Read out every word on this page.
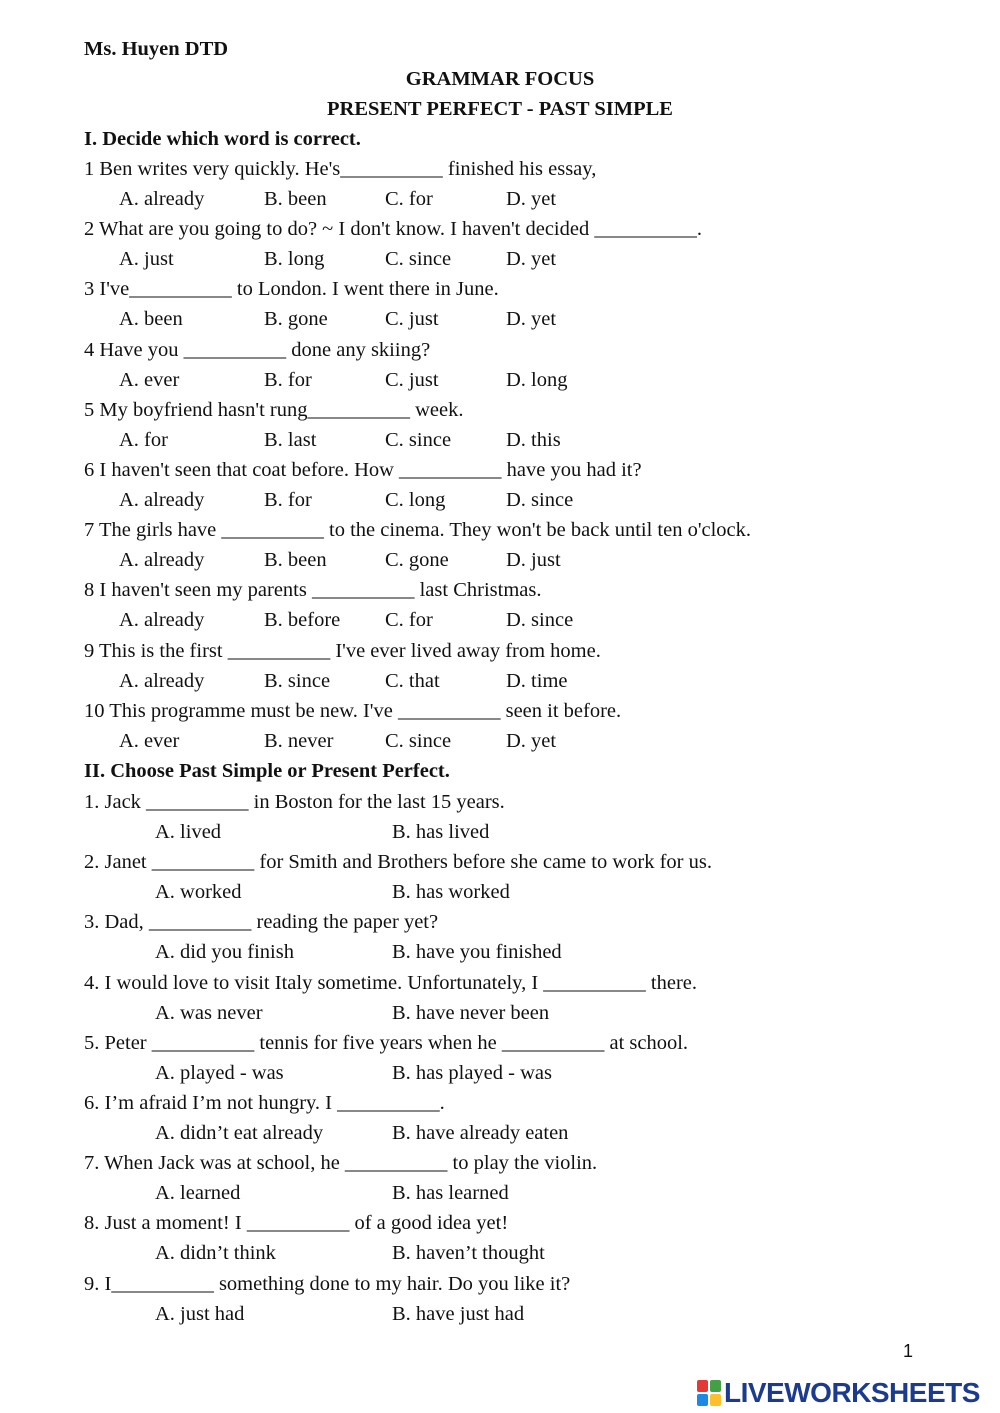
Ms. Huyen DTD
GRAMMAR FOCUS
PRESENT PERFECT - PAST SIMPLE
I. Decide which word is correct.
1 Ben writes very quickly. He's__________ finished his essay,
A. already	B. been	C. for	D. yet
2 What are you going to do? ~ I don't know. I haven't decided __________.
A. just	B. long	C. since	D. yet
3 I've__________ to London. I went there in June.
A. been	B. gone	C. just	D. yet
4 Have you __________ done any skiing?
A. ever	B. for	C. just	D. long
5 My boyfriend hasn't rung__________ week.
A. for	B. last	C. since	D. this
6 I haven't seen that coat before. How __________ have you had it?
A. already	B. for	C. long	D. since
7 The girls have __________ to the cinema. They won't be back until ten o'clock.
A. already	B. been	C. gone	D. just
8 I haven't seen my parents __________ last Christmas.
A. already	B. before C. for	D. since
9 This is the first __________ I've ever lived away from home.
A. already	B. since	C. that	D. time
10 This programme must be new. I've __________ seen it before.
A. ever	B. never	C. since	D. yet
II. Choose Past Simple or Present Perfect.
1. Jack __________ in Boston for the last 15 years.
A. lived	B. has lived
2. Janet __________ for Smith and Brothers before she came to work for us.
A. worked	B. has worked
3. Dad, __________ reading the paper yet?
A. did you finish	B. have you finished
4. I would love to visit Italy sometime. Unfortunately, I __________ there.
A. was never	B. have never been
5. Peter __________ tennis for five years when he __________ at school.
A. played - was	B. has played - was
6. I’m afraid I’m not hungry. I __________.
A. didn’t eat already	B. have already eaten
7. When Jack was at school, he __________ to play the violin.
A. learned	B. has learned
8. Just a moment! I __________ of a good idea yet!
A. didn’t think	B. haven’t thought
9. I__________ something done to my hair. Do you like it?
A. just had	B. have just had
1
LIVEWORKSHEETS
